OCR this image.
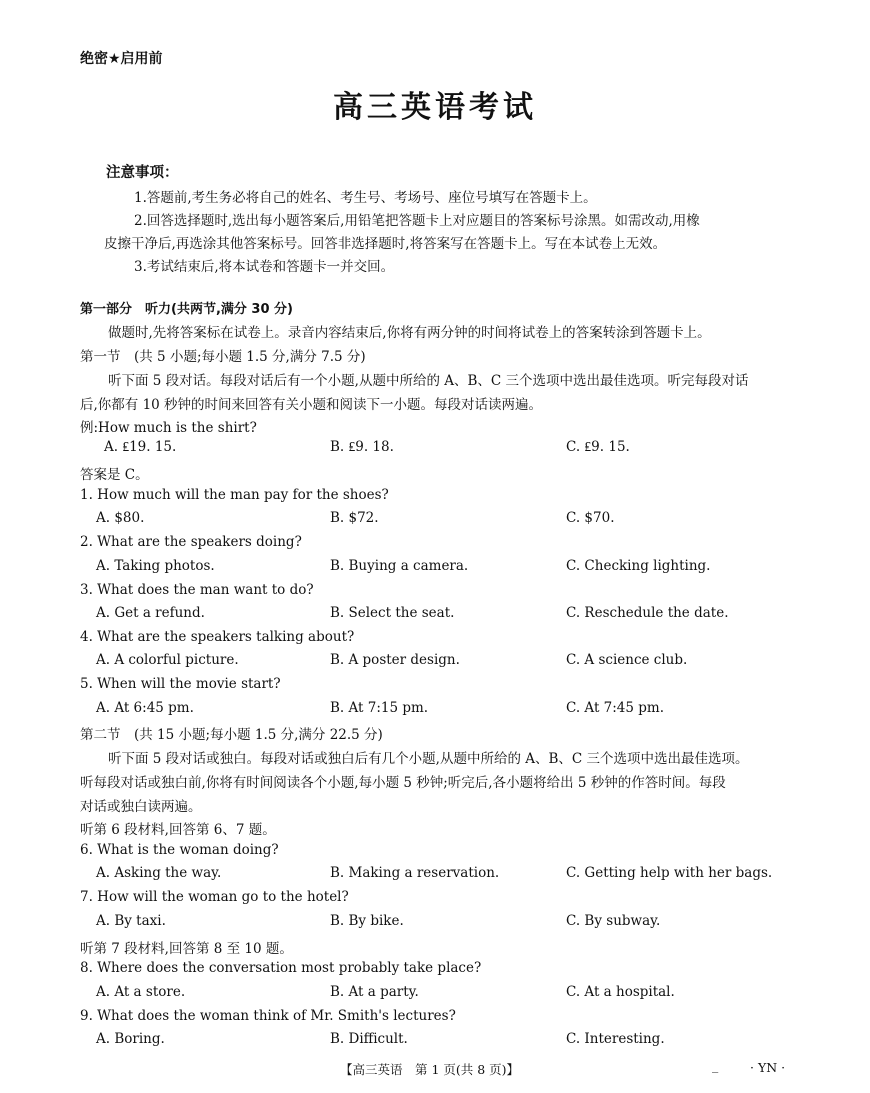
绝密★启用前
高三英语考试
注意事项：
1.答题前,考生务必将自己的姓名、考生号、考场号、座位号填写在答题卡上。
2.回答选择题时,选出每小题答案后,用铅笔把答题卡上对应题目的答案标号涂黑。如需改动,用橡
皮擦干净后,再选涂其他答案标号。回答非选择题时,将答案写在答题卡上。写在本试卷上无效。
3.考试结束后,将本试卷和答题卡一并交回。
第一部分　听力(共两节,满分 30 分)
做题时,先将答案标在试卷上。录音内容结束后,你将有两分钟的时间将试卷上的答案转涂到答题卡上。
第一节　(共 5 小题;每小题 1.5 分,满分 7.5 分)
听下面 5 段对话。每段对话后有一个小题,从题中所给的 A、B、C 三个选项中选出最佳选项。听完每段对话
后,你都有 10 秒钟的时间来回答有关小题和阅读下一小题。每段对话读两遍。
例:How much is the shirt?
A. ₤19. 15.	B. ₤9. 18.	C. ₤9. 15.
答案是 C。
1. How much will the man pay for the shoes?
A. $80.	B. $72.	C. $70.
2. What are the speakers doing?
A. Taking photos.	B. Buying a camera.	C. Checking lighting.
3. What does the man want to do?
A. Get a refund.	B. Select the seat.	C. Reschedule the date.
4. What are the speakers talking about?
A. A colorful picture.	B. A poster design.	C. A science club.
5. When will the movie start?
A. At 6:45 pm.	B. At 7:15 pm.	C. At 7:45 pm.
第二节　(共 15 小题;每小题 1.5 分,满分 22.5 分)
听下面 5 段对话或独白。每段对话或独白后有几个小题,从题中所给的 A、B、C 三个选项中选出最佳选项。
听每段对话或独白前,你将有时间阅读各个小题,每小题 5 秒钟;听完后,各小题将给出 5 秒钟的作答时间。每段
对话或独白读两遍。
听第 6 段材料,回答第 6、7 题。
6. What is the woman doing?
A. Asking the way.	B. Making a reservation.	C. Getting help with her bags.
7. How will the woman go to the hotel?
A. By taxi.	B. By bike.	C. By subway.
听第 7 段材料,回答第 8 至 10 题。
8. Where does the conversation most probably take place?
A. At a store.	B. At a party.	C. At a hospital.
9. What does the woman think of Mr. Smith's lectures?
A. Boring.	B. Difficult.	C. Interesting.
【高三英语　第 1 页(共 8 页)】	_	· YN ·
